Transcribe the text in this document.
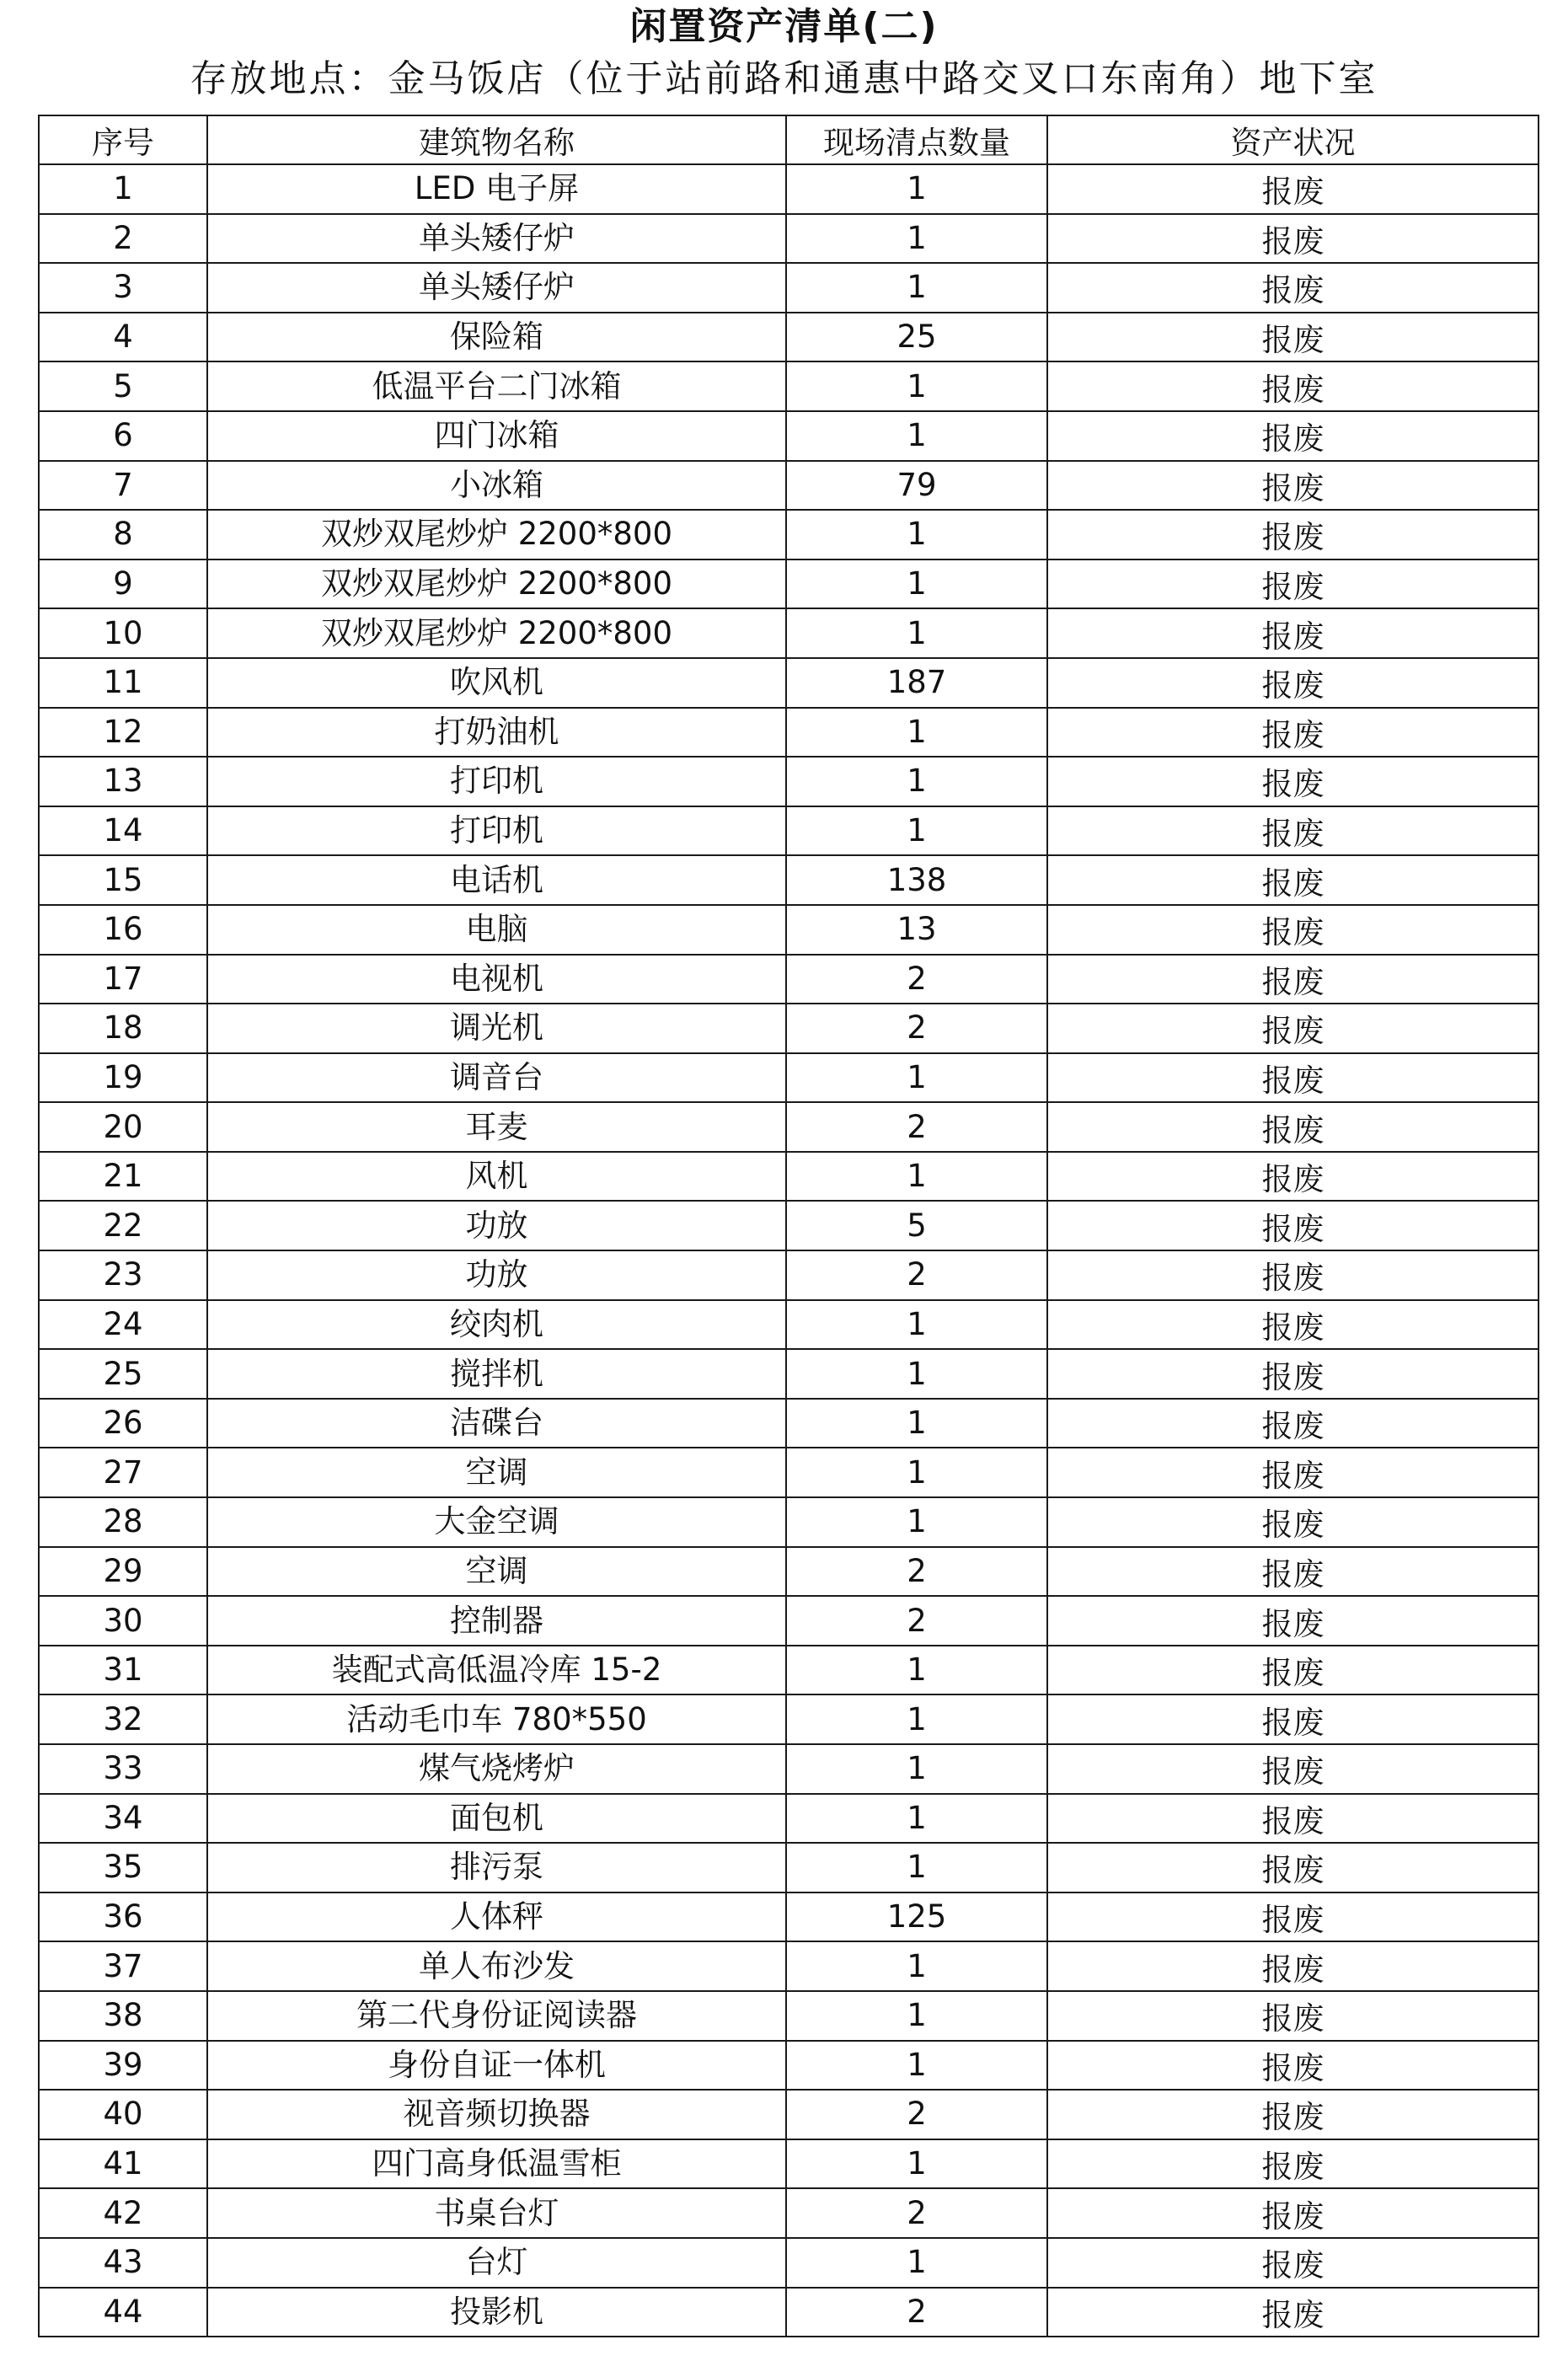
闲置资产清单(二)
存放地点：金马饭店（位于站前路和通惠中路交叉口东南角）地下室
序号	建筑物名称	现场清点数量	资产状况
1	LED 电子屏	1	报废
2	单头矮仔炉	1	报废
3	单头矮仔炉	1	报废
4	保险箱	25	报废
5	低温平台二门冰箱	1	报废
6	四门冰箱	1	报废
7	小冰箱	79	报废
8	双炒双尾炒炉 2200*800	1	报废
9	双炒双尾炒炉 2200*800	1	报废
10	双炒双尾炒炉 2200*800	1	报废
11	吹风机	187	报废
12	打奶油机	1	报废
13	打印机	1	报废
14	打印机	1	报废
15	电话机	138	报废
16	电脑	13	报废
17	电视机	2	报废
18	调光机	2	报废
19	调音台	1	报废
20	耳麦	2	报废
21	风机	1	报废
22	功放	5	报废
23	功放	2	报废
24	绞肉机	1	报废
25	搅拌机	1	报废
26	洁碟台	1	报废
27	空调	1	报废
28	大金空调	1	报废
29	空调	2	报废
30	控制器	2	报废
31	装配式高低温冷库 15-2	1	报废
32	活动毛巾车 780*550	1	报废
33	煤气烧烤炉	1	报废
34	面包机	1	报废
35	排污泵	1	报废
36	人体秤	125	报废
37	单人布沙发	1	报废
38	第二代身份证阅读器	1	报废
39	身份自证一体机	1	报废
40	视音频切换器	2	报废
41	四门高身低温雪柜	1	报废
42	书桌台灯	2	报废
43	台灯	1	报废
44	投影机	2	报废
